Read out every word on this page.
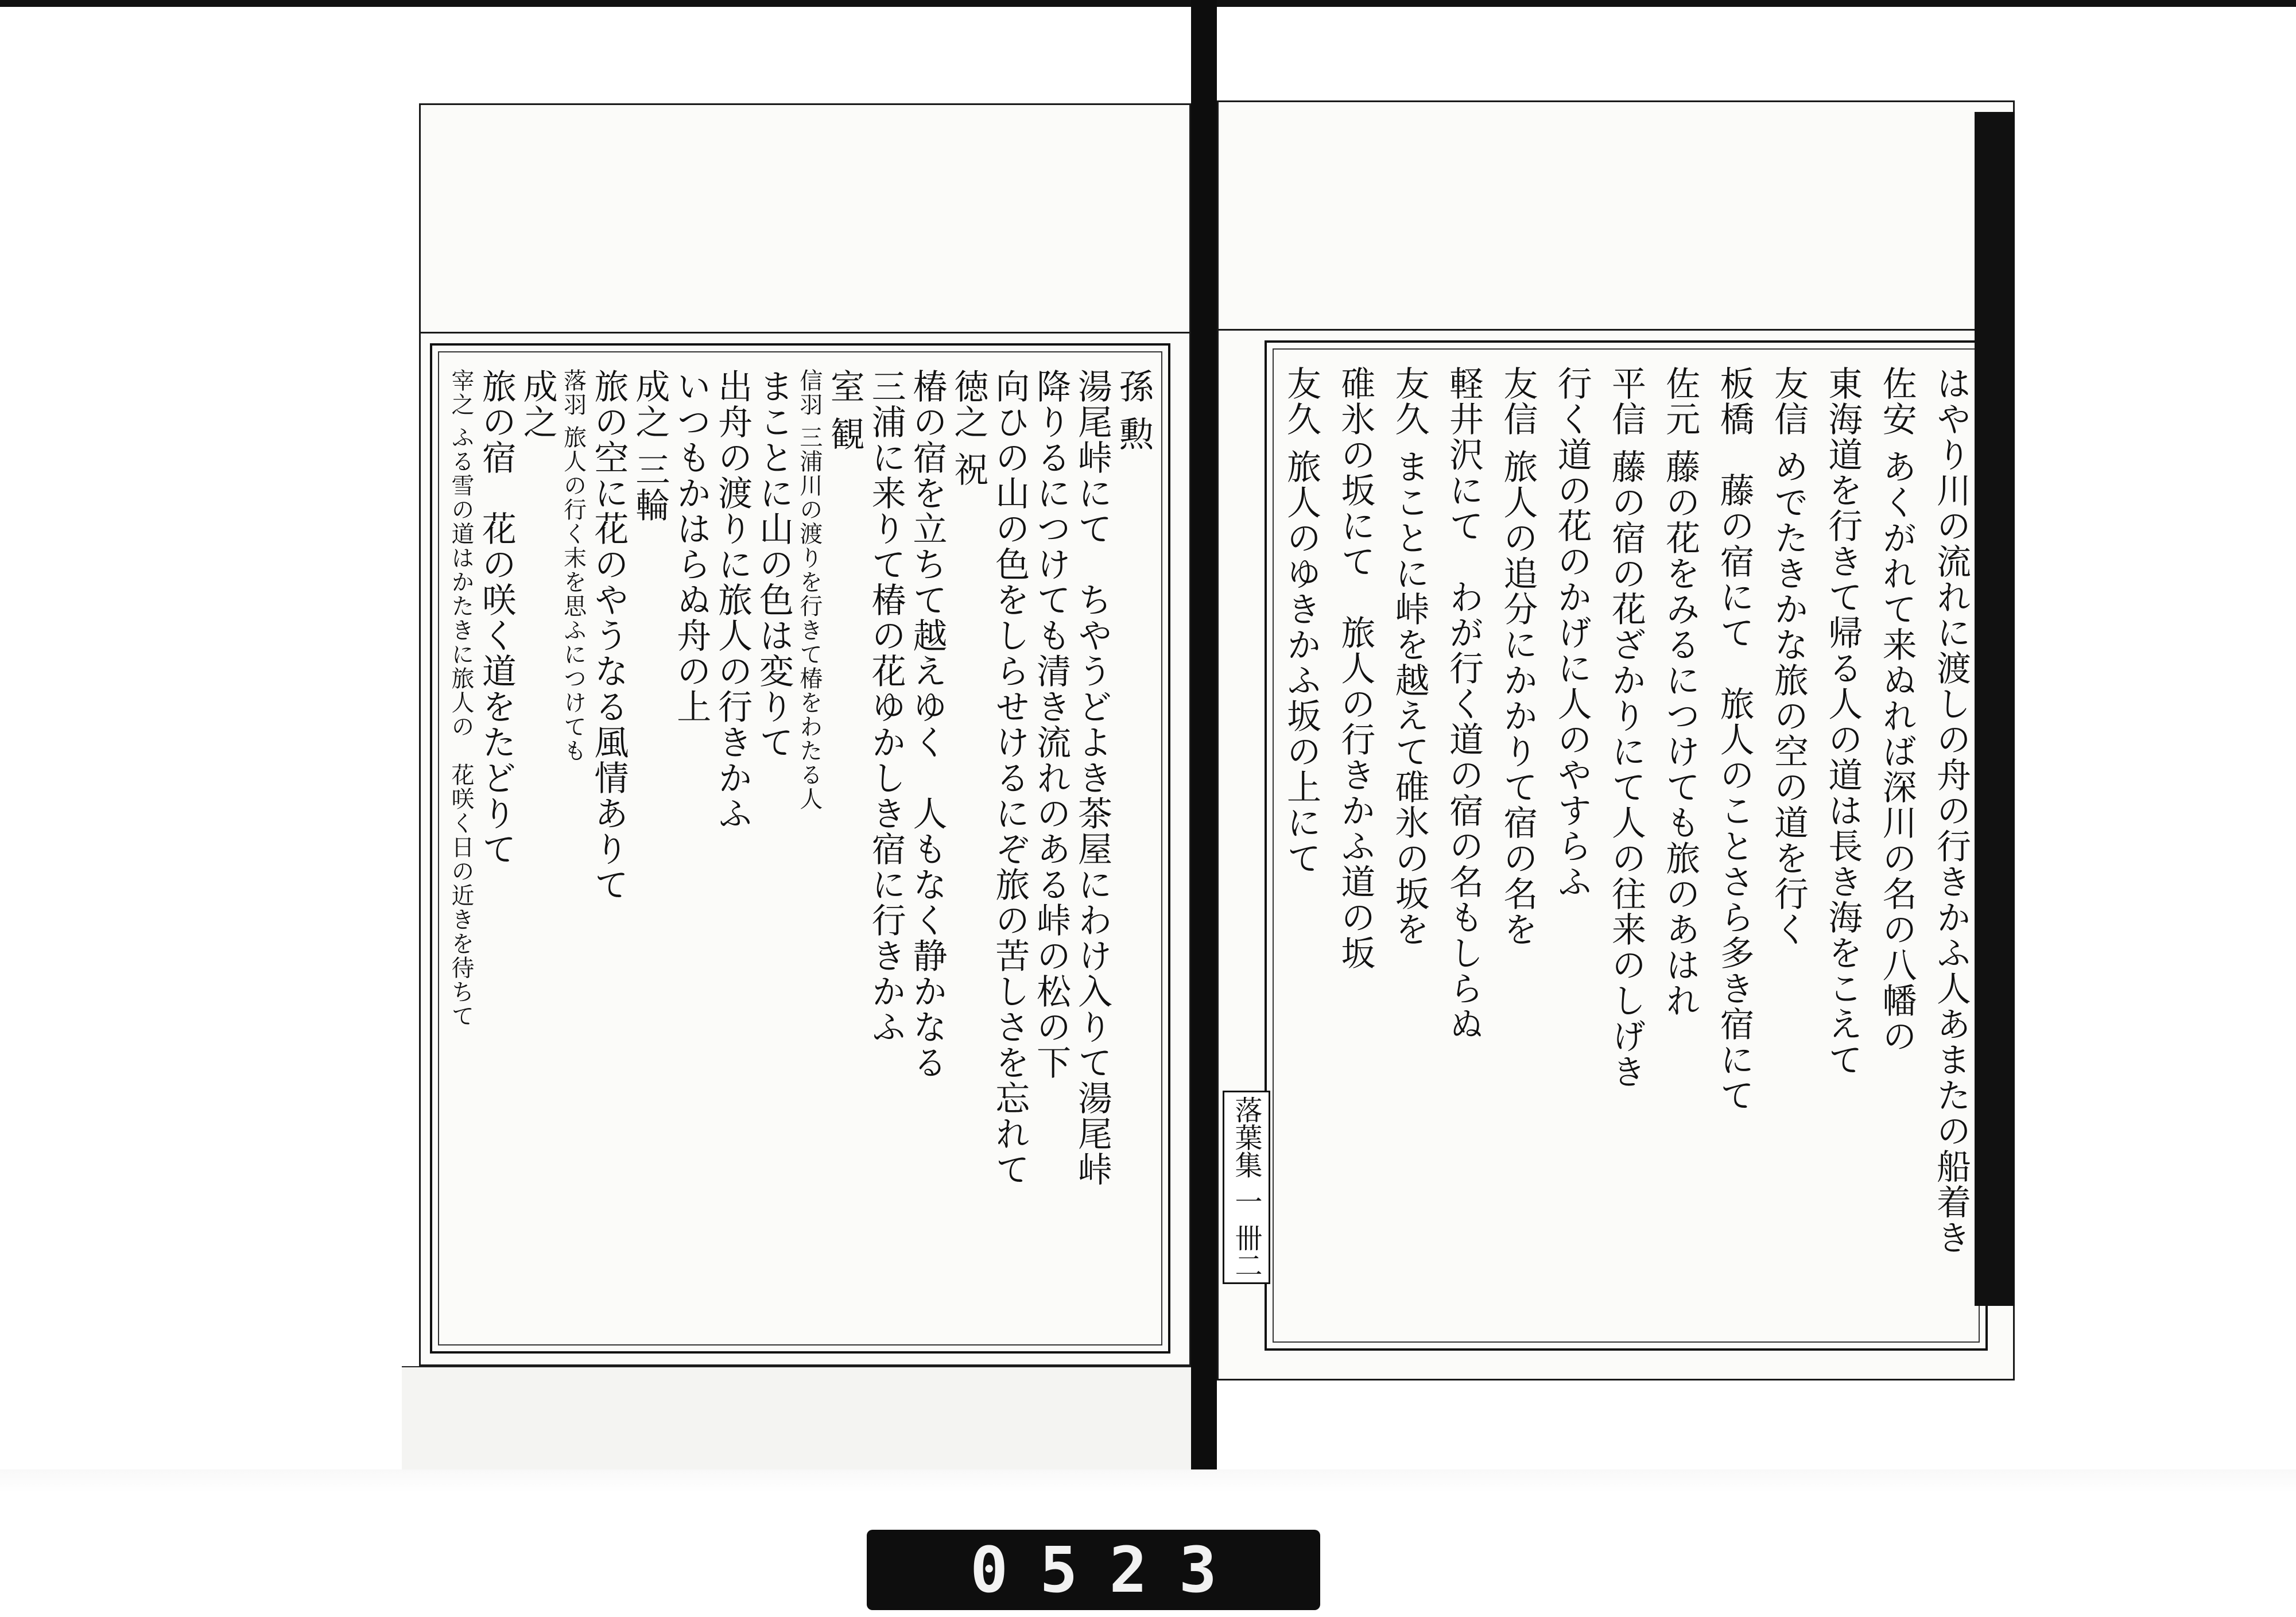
孫 勲
湯尾峠にて　ちやうどよき茶屋にわけ入りて湯尾峠
降りるにつけても清き流れのある峠の松の下
向ひの山の色をしらせけるにぞ旅の苦しさを忘れて
徳之 祝
椿の宿を立ちて越えゆく　人もなく静かなる
三浦に来りて椿の花ゆかしき宿に行きかふ
室 観
信羽 三浦川の渡りを行きて椿をわたる人
まことに山の色は変りて
出舟の渡りに旅人の行きかふ
いつもかはらぬ舟の上
成之 三輪
旅の空に花のやうなる風情ありて
落羽 旅人の行く末を思ふにつけても
成之
旅の宿　花の咲く道をたどりて
宰之 ふる雪の道はかたきに旅人の　花咲く日の近きを待ちて	はやり川の流れに渡しの舟の行きかふ人あまたの船着き
佐安 あくがれて来ぬれば深川の名の八幡の
東海道を行きて帰る人の道は長き海をこえて
友信 めでたきかな旅の空の道を行く
板橋　藤の宿にて　旅人のことさら多き宿にて
佐元 藤の花をみるにつけても旅のあはれ
平信 藤の宿の花ざかりにて人の往来のしげき
行く道の花のかげに人のやすらふ
友信 旅人の追分にかかりて宿の名を
軽井沢にて　わが行く道の宿の名もしらぬ
友久 まことに峠を越えて碓氷の坂を
碓氷の坂にて　旅人の行きかふ道の坂
友久 旅人のゆきかふ坂の上にて
落葉集 一 卌二
0523
